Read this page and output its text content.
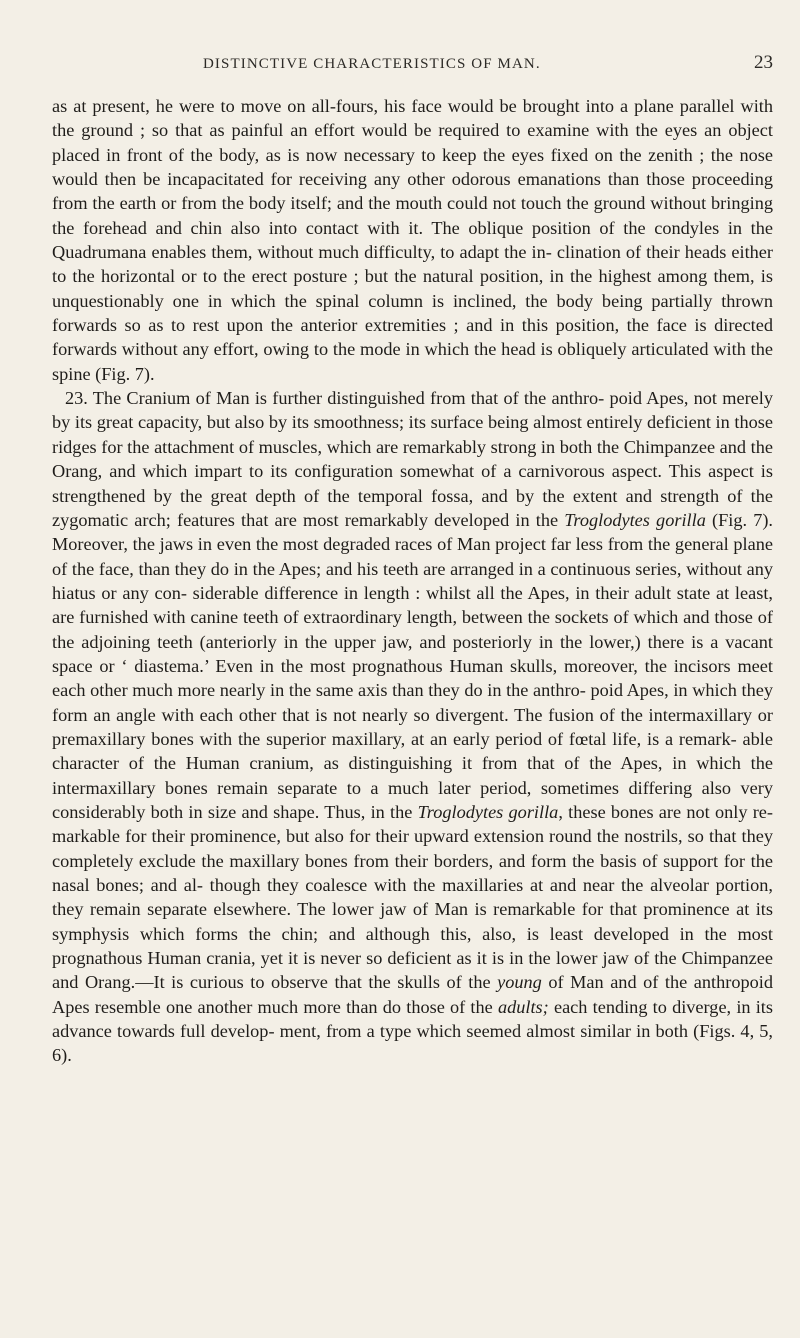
DISTINCTIVE CHARACTERISTICS OF MAN.	23

as at present, he were to move on all-fours, his face would be brought into a plane parallel with the ground ; so that as painful an effort would be required to examine with the eyes an object placed in front of the body, as is now necessary to keep the eyes fixed on the zenith ; the nose would then be incapacitated for receiving any other odorous emanations than those proceeding from the earth or from the body itself; and the mouth could not touch the ground without bringing the forehead and chin also into contact with it. The oblique position of the condyles in the Quadrumana enables them, without much difficulty, to adapt the in- clination of their heads either to the horizontal or to the erect posture ; but the natural position, in the highest among them, is unquestionably one in which the spinal column is inclined, the body being partially thrown forwards so as to rest upon the anterior extremities ; and in this position, the face is directed forwards without any effort, owing to the mode in which the head is obliquely articulated with the spine (Fig. 7).

23. The Cranium of Man is further distinguished from that of the anthro- poid Apes, not merely by its great capacity, but also by its smoothness; its surface being almost entirely deficient in those ridges for the attachment of muscles, which are remarkably strong in both the Chimpanzee and the Orang, and which impart to its configuration somewhat of a carnivorous aspect. This aspect is strengthened by the great depth of the temporal fossa, and by the extent and strength of the zygomatic arch; features that are most remarkably developed in the Troglodytes gorilla (Fig. 7). Moreover, the jaws in even the most degraded races of Man project far less from the general plane of the face, than they do in the Apes; and his teeth are arranged in a continuous series, without any hiatus or any con- siderable difference in length : whilst all the Apes, in their adult state at least, are furnished with canine teeth of extraordinary length, between the sockets of which and those of the adjoining teeth (anteriorly in the upper jaw, and posteriorly in the lower,) there is a vacant space or ‘ diastema.’ Even in the most prognathous Human skulls, moreover, the incisors meet each other much more nearly in the same axis than they do in the anthro- poid Apes, in which they form an angle with each other that is not nearly so divergent. The fusion of the intermaxillary or premaxillary bones with the superior maxillary, at an early period of fœtal life, is a remark- able character of the Human cranium, as distinguishing it from that of the Apes, in which the intermaxillary bones remain separate to a much later period, sometimes differing also very considerably both in size and shape. Thus, in the Troglodytes gorilla, these bones are not only re- markable for their prominence, but also for their upward extension round the nostrils, so that they completely exclude the maxillary bones from their borders, and form the basis of support for the nasal bones; and al- though they coalesce with the maxillaries at and near the alveolar portion, they remain separate elsewhere. The lower jaw of Man is remarkable for that prominence at its symphysis which forms the chin; and although this, also, is least developed in the most prognathous Human crania, yet it is never so deficient as it is in the lower jaw of the Chimpanzee and Orang.—It is curious to observe that the skulls of the young of Man and of the anthropoid Apes resemble one another much more than do those of the adults; each tending to diverge, in its advance towards full develop- ment, from a type which seemed almost similar in both (Figs. 4, 5, 6).
